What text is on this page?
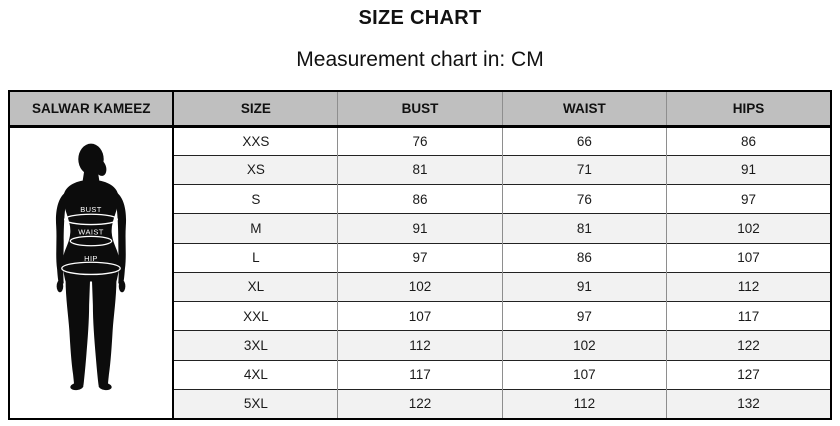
SIZE CHART
Measurement chart in: CM
SALWAR KAMEEZ	SIZE	BUST	WAIST	HIPS

BUST
WAIST
HIP	XXS	76	66	86
	XS	81	71	91
	S	86	76	97
	M	91	81	102
	L	97	86	107
	XL	102	91	112
	XXL	107	97	117
	3XL	112	102	122
	4XL	117	107	127
	5XL	122	112	132
